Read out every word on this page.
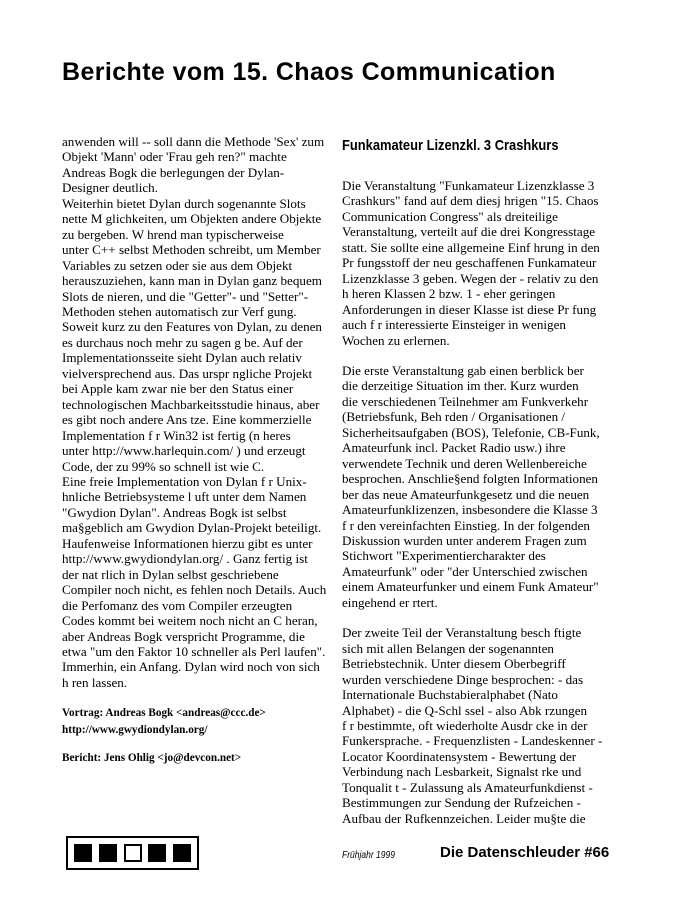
Berichte vom 15. Chaos Communication
anwenden will -- soll dann die Methode 'Sex' zum
Objekt 'Mann' oder 'Frau geh ren?" machte
Andreas Bogk die berlegungen der Dylan-
Designer deutlich.
Weiterhin bietet Dylan durch sogenannte Slots
nette M glichkeiten, um Objekten andere Objekte
zu bergeben. W hrend man typischerweise
unter C++ selbst Methoden schreibt, um Member
Variables zu setzen oder sie aus dem Objekt
herauszuziehen, kann man in Dylan ganz bequem
Slots de nieren, und die "Getter"- und "Setter"-
Methoden stehen automatisch zur Verf gung.
Soweit kurz zu den Features von Dylan, zu denen
es durchaus noch mehr zu sagen g be. Auf der
Implementationsseite sieht Dylan auch relativ
vielversprechend aus. Das urspr ngliche Projekt
bei Apple kam zwar nie ber den Status einer
technologischen Machbarkeitsstudie hinaus, aber
es gibt noch andere Ans tze. Eine kommerzielle
Implementation f r Win32 ist fertig (n heres
unter http://www.harlequin.com/ ) und erzeugt
Code, der zu 99% so schnell ist wie C.
Eine freie Implementation von Dylan f r Unix-
hnliche Betriebsysteme l uft unter dem Namen
"Gwydion Dylan". Andreas Bogk ist selbst
ma§geblich am Gwydion Dylan-Projekt beteiligt.
Haufenweise Informationen hierzu gibt es unter
http://www.gwydiondylan.org/ . Ganz fertig ist
der nat rlich in Dylan selbst geschriebene
Compiler noch nicht, es fehlen noch Details. Auch
die Perfomanz des vom Compiler erzeugten
Codes kommt bei weitem noch nicht an C heran,
aber Andreas Bogk verspricht Programme, die
etwa "um den Faktor 10 schneller als Perl laufen".
Immerhin, ein Anfang. Dylan wird noch von sich
h ren lassen.
Vortrag: Andreas Bogk <andreas@ccc.de>
http://www.gwydiondylan.org/
Bericht: Jens Ohlig <jo@devcon.net>
Funkamateur Lizenzkl. 3 Crashkurs
Die Veranstaltung "Funkamateur Lizenzklasse 3
Crashkurs" fand auf dem diesj hrigen "15. Chaos
Communication Congress" als dreiteilige
Veranstaltung, verteilt auf die drei Kongresstage
statt. Sie sollte eine allgemeine Einf hrung in den
Pr fungsstoff der neu geschaffenen Funkamateur
Lizenzklasse 3 geben. Wegen der - relativ zu den
h heren Klassen 2 bzw. 1 - eher geringen
Anforderungen in dieser Klasse ist diese Pr fung
auch f r interessierte Einsteiger in wenigen
Wochen zu erlernen.
Die erste Veranstaltung gab einen berblick ber
die derzeitige Situation im ther. Kurz wurden
die verschiedenen Teilnehmer am Funkverkehr
(Betriebsfunk, Beh rden / Organisationen /
Sicherheitsaufgaben (BOS), Telefonie, CB-Funk,
Amateurfunk incl. Packet Radio usw.) ihre
verwendete Technik und deren Wellenbereiche
besprochen. Anschlie§end folgten Informationen
ber das neue Amateurfunkgesetz und die neuen
Amateurfunklizenzen, insbesondere die Klasse 3
f r den vereinfachten Einstieg. In der folgenden
Diskussion wurden unter anderem Fragen zum
Stichwort "Experimentiercharakter des
Amateurfunk" oder "der Unterschied zwischen
einem Amateurfunker und einem Funk Amateur"
eingehend er rtert.
Der zweite Teil der Veranstaltung besch ftigte
sich mit allen Belangen der sogenannten
Betriebstechnik. Unter diesem Oberbegriff
wurden verschiedene Dinge besprochen: - das
Internationale Buchstabieralphabet (Nato
Alphabet) - die Q-Schl ssel - also Abk rzungen
f r bestimmte, oft wiederholte Ausdr cke in der
Funkersprache. - Frequenzlisten - Landeskenner -
Locator Koordinatensystem - Bewertung der
Verbindung nach Lesbarkeit, Signalst rke und
Tonqualit t - Zulassung als Amateurfunkdienst -
Bestimmungen zur Sendung der Rufzeichen -
Aufbau der Rufkennzeichen. Leider mu§te die
Frühjahr 1999	Die Datenschleuder #66
